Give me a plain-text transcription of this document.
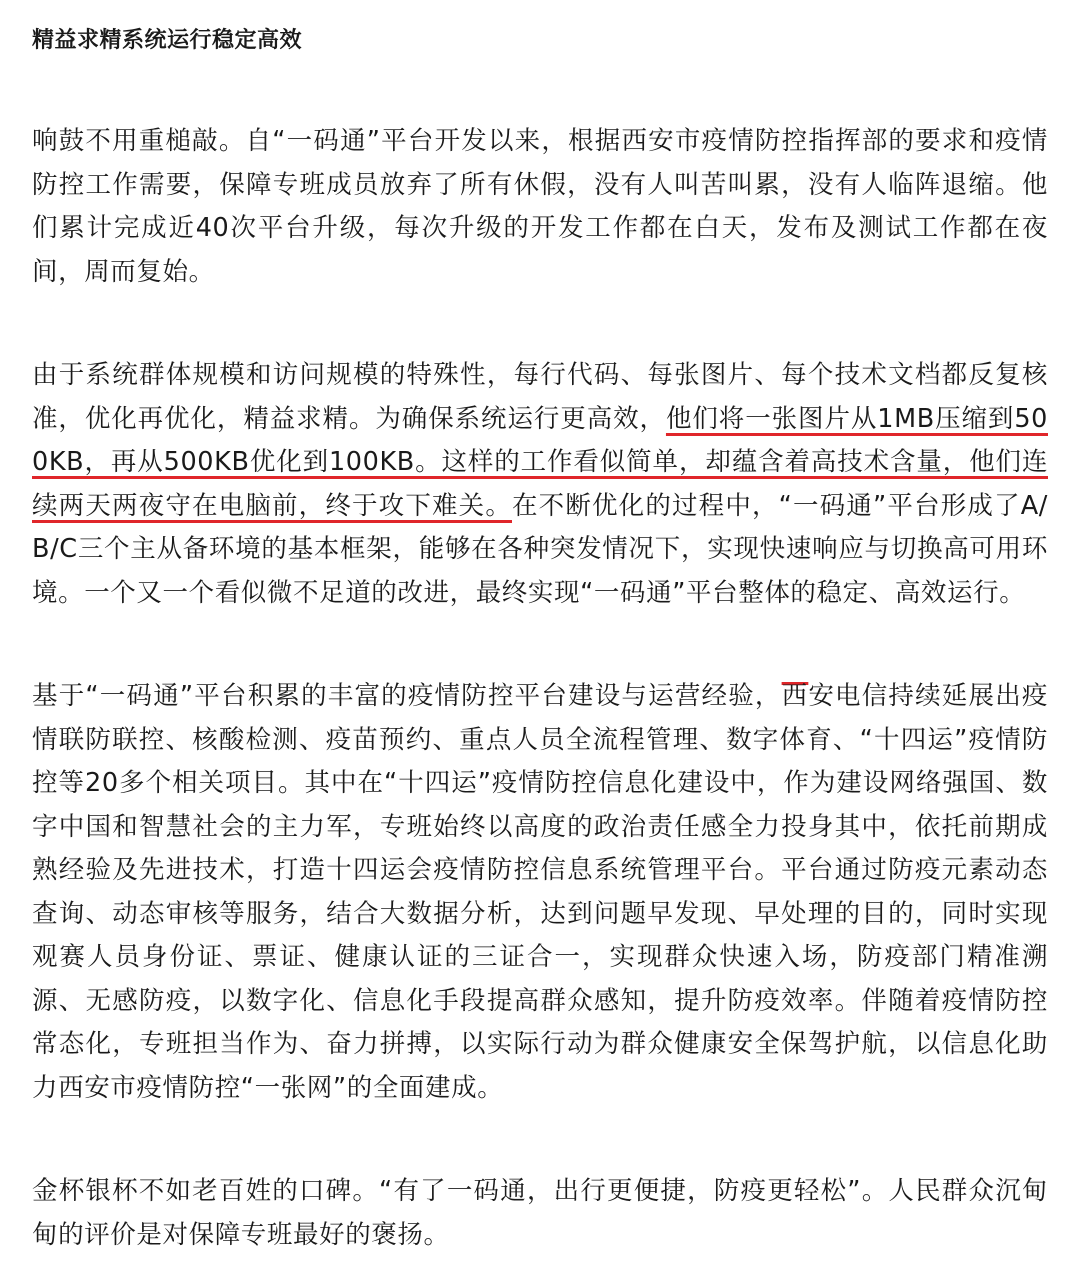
精益求精系统运行稳定高效

响鼓不用重槌敲。自“一码通”平台开发以来，根据西安市疫情防控指挥部的要求和疫情防控工作需要，保障专班成员放弃了所有休假，没有人叫苦叫累，没有人临阵退缩。他们累计完成近40次平台升级，每次升级的开发工作都在白天，发布及测试工作都在夜间，周而复始。

由于系统群体规模和访问规模的特殊性，每行代码、每张图片、每个技术文档都反复核准，优化再优化，精益求精。为确保系统运行更高效，他们将一张图片从1MB压缩到500KB，再从500KB优化到100KB。这样的工作看似简单，却蕴含着高技术含量，他们连续两天两夜守在电脑前，终于攻下难关。在不断优化的过程中，“一码通”平台形成了A/B/C三个主从备环境的基本框架，能够在各种突发情况下，实现快速响应与切换高可用环境。一个又一个看似微不足道的改进，最终实现“一码通”平台整体的稳定、高效运行。

基于“一码通”平台积累的丰富的疫情防控平台建设与运营经验，西安电信持续延展出疫情联防联控、核酸检测、疫苗预约、重点人员全流程管理、数字体育、“十四运”疫情防控等20多个相关项目。其中在“十四运”疫情防控信息化建设中，作为建设网络强国、数字中国和智慧社会的主力军，专班始终以高度的政治责任感全力投身其中，依托前期成熟经验及先进技术，打造十四运会疫情防控信息系统管理平台。平台通过防疫元素动态查询、动态审核等服务，结合大数据分析，达到问题早发现、早处理的目的，同时实现观赛人员身份证、票证、健康认证的三证合一，实现群众快速入场，防疫部门精准溯源、无感防疫，以数字化、信息化手段提高群众感知，提升防疫效率。伴随着疫情防控常态化，专班担当作为、奋力拼搏，以实际行动为群众健康安全保驾护航，以信息化助力西安市疫情防控“一张网”的全面建成。

金杯银杯不如老百姓的口碑。“有了一码通，出行更便捷，防疫更轻松”。人民群众沉甸甸的评价是对保障专班最好的褒扬。
